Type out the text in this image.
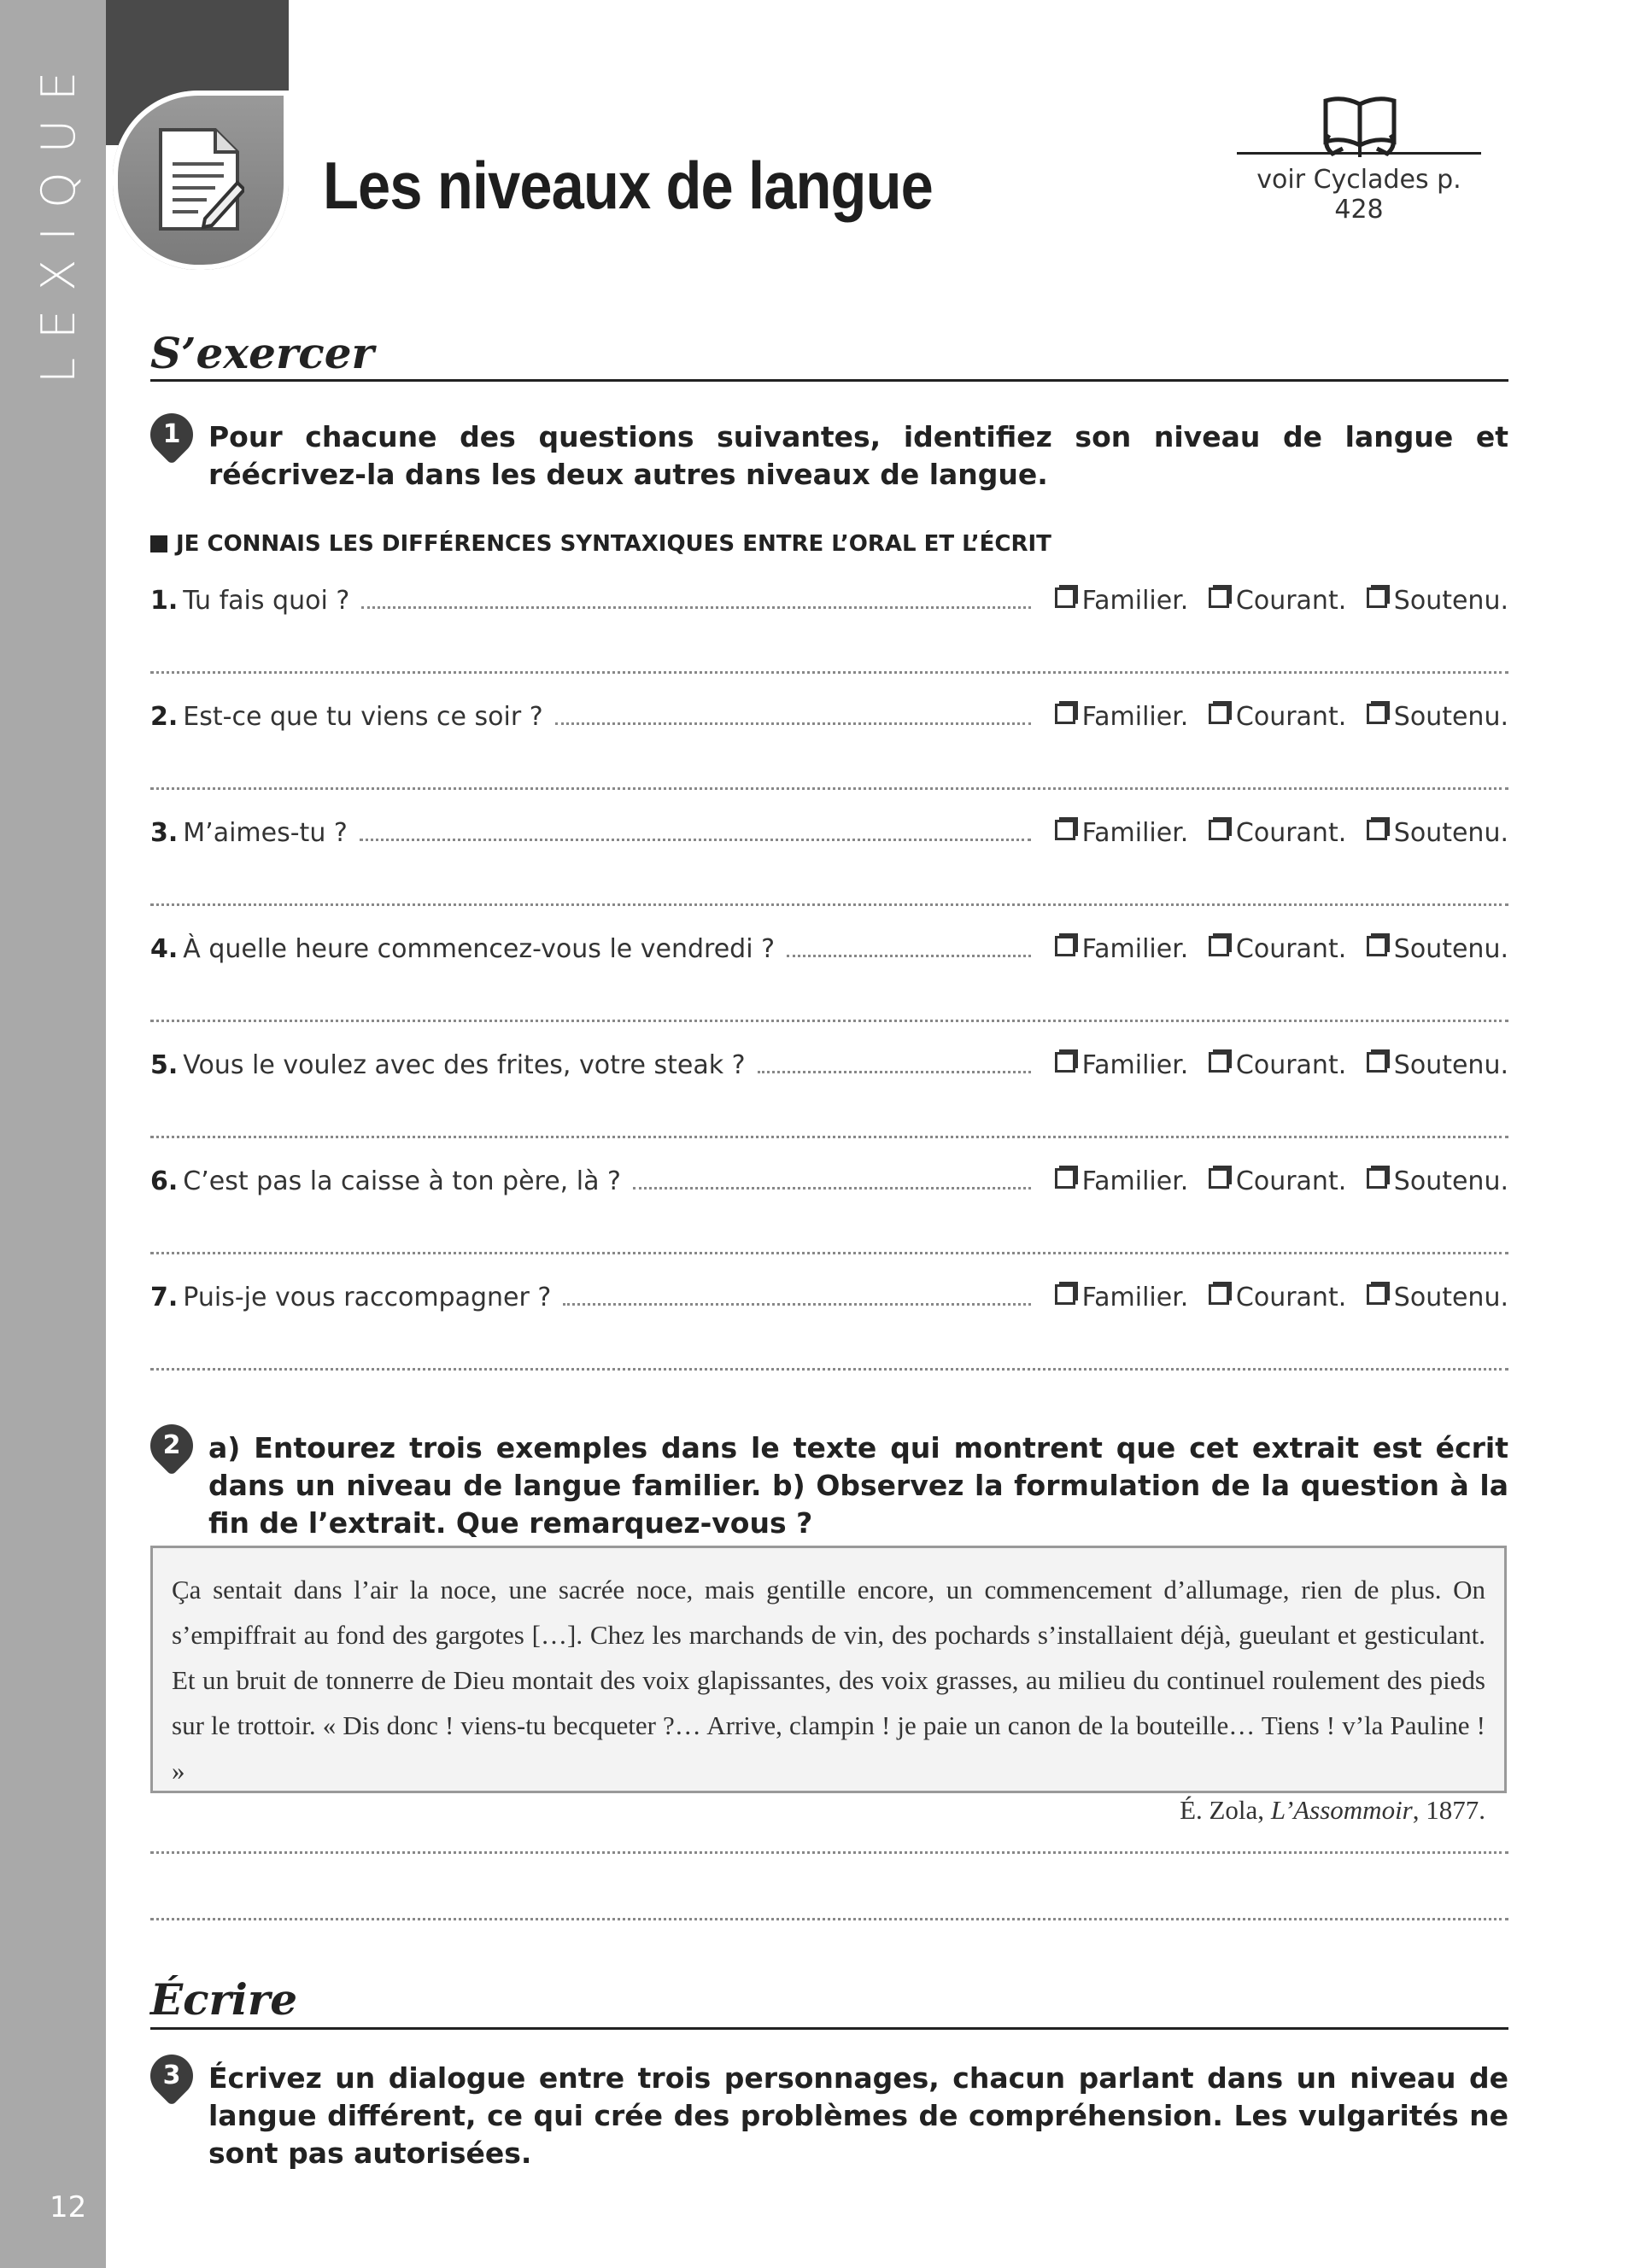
LEXIQUE
12
Les niveaux de langue	voir Cyclades p. 428
S’exercer
1 Pour chacune des questions suivantes, identifiez son niveau de langue et réécrivez-la dans les deux autres niveaux de langue.
JE CONNAIS LES DIFFÉRENCES SYNTAXIQUES ENTRE L’ORAL ET L’ÉCRIT
1. Tu fais quoi ?	Familier. Courant. Soutenu.
2. Est-ce que tu viens ce soir ?	Familier. Courant. Soutenu.
3. M’aimes-tu ?	Familier. Courant. Soutenu.
4. À quelle heure commencez-vous le vendredi ?	Familier. Courant. Soutenu.
5. Vous le voulez avec des frites, votre steak ?	Familier. Courant. Soutenu.
6. C’est pas la caisse à ton père, là ?	Familier. Courant. Soutenu.
7. Puis-je vous raccompagner ?	Familier. Courant. Soutenu.
2 a) Entourez trois exemples dans le texte qui montrent que cet extrait est écrit dans un niveau de langue familier. b) Observez la formulation de la question à la fin de l’extrait. Que remarquez-vous ?
Ça sentait dans l’air la noce, une sacrée noce, mais gentille encore, un commencement d’allumage, rien de plus. On s’empiffrait au fond des gargotes […]. Chez les marchands de vin, des pochards s’installaient déjà, gueulant et gesticulant. Et un bruit de tonnerre de Dieu montait des voix glapissantes, des voix grasses, au milieu du continuel roulement des pieds sur le trottoir. « Dis donc ! viens-tu becqueter ?… Arrive, clampin ! je paie un canon de la bouteille… Tiens ! v’la Pauline ! »
É. Zola, L’Assommoir, 1877.
Écrire
3 Écrivez un dialogue entre trois personnages, chacun parlant dans un niveau de langue différent, ce qui crée des problèmes de compréhension. Les vulgarités ne sont pas autorisées.
